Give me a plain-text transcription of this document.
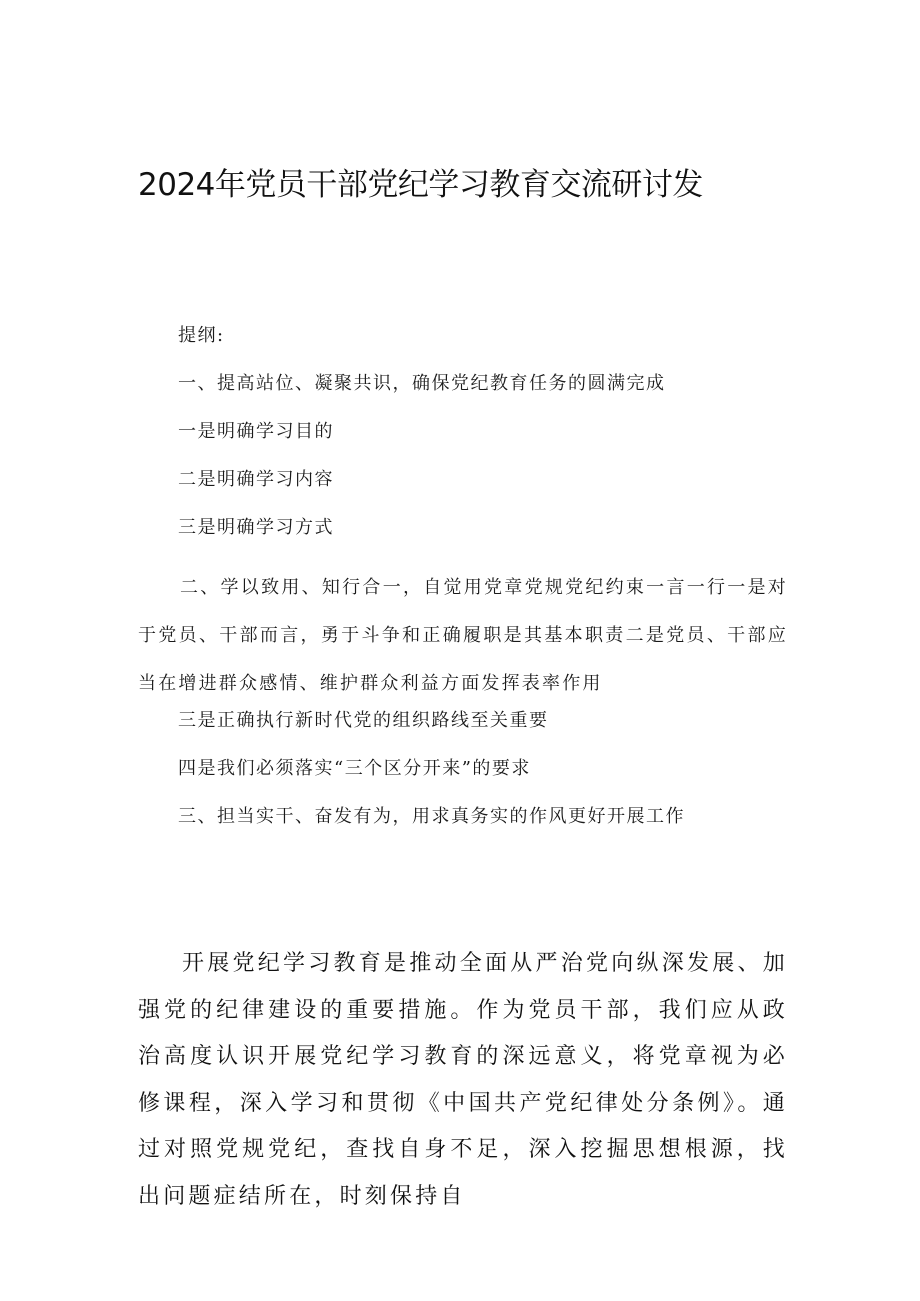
2024年党员干部党纪学习教育交流研讨发
提纲:
一、提高站位、凝聚共识，确保党纪教育任务的圆满完成
一是明确学习目的
二是明确学习内容
三是明确学习方式
二、学以致用、知行合一，自觉用党章党规党纪约束一言一行一是对于党员、干部而言，勇于斗争和正确履职是其基本职责二是党员、干部应当在增进群众感情、维护群众利益方面发挥表率作用
三是正确执行新时代党的组织路线至关重要
四是我们必须落实“三个区分开来”的要求
三、担当实干、奋发有为，用求真务实的作风更好开展工作
开展党纪学习教育是推动全面从严治党向纵深发展、加强党的纪律建设的重要措施。作为党员干部，我们应从政治高度认识开展党纪学习教育的深远意义，将党章视为必修课程，深入学习和贯彻《中国共产党纪律处分条例》。通过对照党规党纪，查找自身不足，深入挖掘思想根源，找出问题症结所在，时刻保持自
